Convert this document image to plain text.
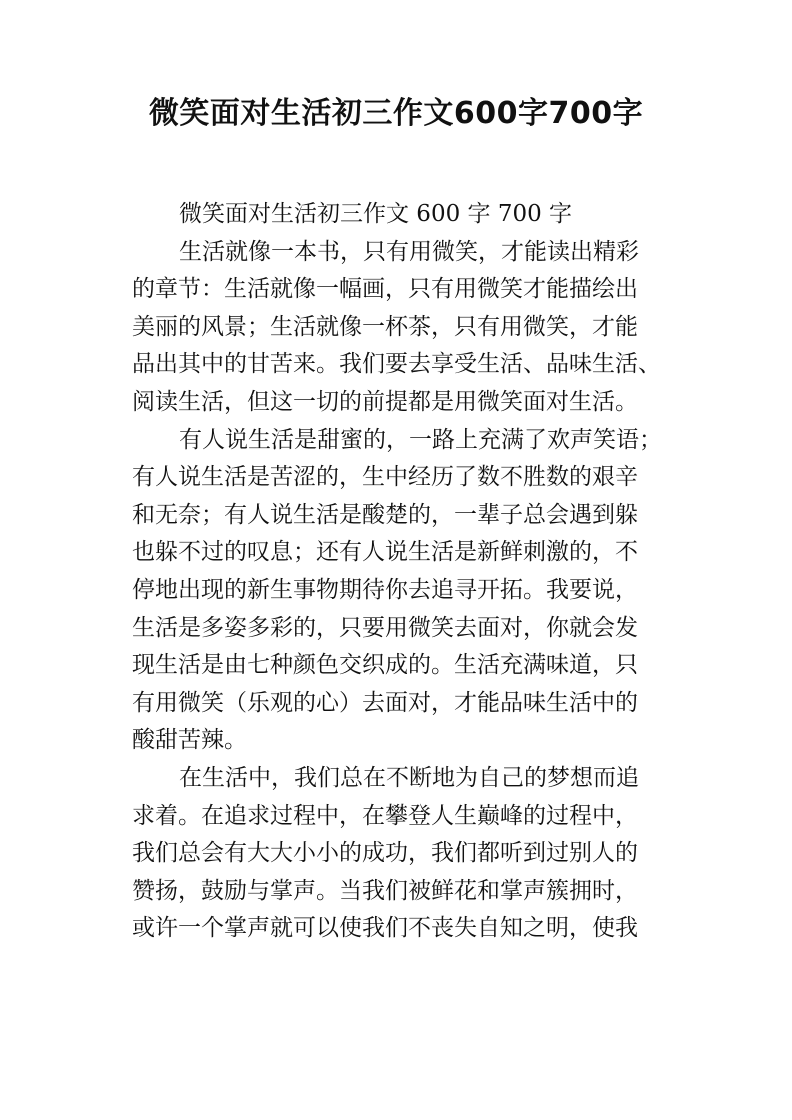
微笑面对生活初三作文600字700字
微笑面对生活初三作文 600 字 700 字
生活就像一本书，只有用微笑，才能读出精彩
的章节：生活就像一幅画，只有用微笑才能描绘出
美丽的风景；生活就像一杯茶，只有用微笑，才能
品出其中的甘苦来。我们要去享受生活、品味生活、
阅读生活，但这一切的前提都是用微笑面对生活。
有人说生活是甜蜜的，一路上充满了欢声笑语；
有人说生活是苦涩的，生中经历了数不胜数的艰辛
和无奈；有人说生活是酸楚的，一辈子总会遇到躲
也躲不过的叹息；还有人说生活是新鲜刺激的，不
停地出现的新生事物期待你去追寻开拓。我要说，
生活是多姿多彩的，只要用微笑去面对，你就会发
现生活是由七种颜色交织成的。生活充满味道，只
有用微笑（乐观的心）去面对，才能品味生活中的
酸甜苦辣。
在生活中，我们总在不断地为自己的梦想而追
求着。在追求过程中，在攀登人生巅峰的过程中，
我们总会有大大小小的成功，我们都听到过别人的
赞扬，鼓励与掌声。当我们被鲜花和掌声簇拥时，
或许一个掌声就可以使我们不丧失自知之明，使我
